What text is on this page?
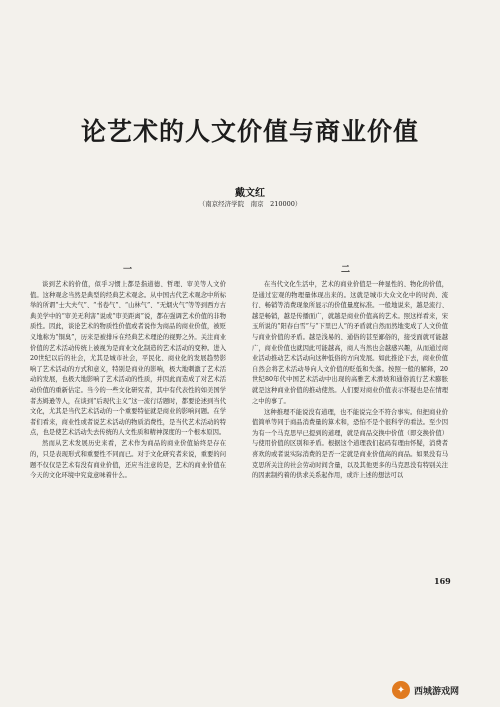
论艺术的人文价值与商业价值
戴文红
（南京经济学院　南京　210000）
一	二

谈到艺术的价值，似乎习惯上都是指道德、哲理、审美等人文价值。这种观念当然是典型的经典艺术观念。从中国古代艺术观念中所标举的所谓“士大夫气”、“书卷气”、“山林气”、“无烟火气”等等到西方古典美学中的“审美无利害”说或“审美距离”说，都在强调艺术价值的非物质性。因此，谈论艺术的物质性价值或者说作为商品的商业价值，被贬义地称为“铜臭”，历来是被排斥在经典艺术理论的视野之外。关注商业价值的艺术活动传统上被视为是商业文化制造的艺术活动的变种。进入20世纪以后的社会，尤其是城市社会，平民化、商业化的发展趋势影响了艺术活动的方式和意义，特别是商业的影响，极大地刺激了艺术活动的发展，也极大地影响了艺术活动的性质，并因此而造成了对艺术活动价值的重新估定。当今的一些文化研究者，其中有代表性的如美国学者杰姆逊等人，在谈到“后现代主义”这一流行话题时，都要论述到当代文化，尤其是当代艺术活动的一个重要特征就是商业的影响问题。在学者们看来，商业性或者说艺术活动的物质消费性，是当代艺术活动的特点，也是使艺术活动失去传统的人文性质和精神深度的一个根本原因。

然而从艺术发展历史来看，艺术作为商品的商业价值始终是存在的，只是表现形式和重要性不同而已。对于文化研究者来说，重要的问题不仅仅是艺术有没有商业价值，还应当注意的是，艺术的商业价值在今天的文化环境中究竟意味着什么。

在当代文化生活中，艺术的商业价值是一种显性的、物化的价值，是通过宏观的物理量体现出来的。这就是城市大众文化中的时尚、流行、畅销等消费现象所显示的价值量度标准。一般地说来，越是流行、越是畅销，越是传播面广，就越是商业价值高的艺术。照这样看来，宋玉所说的“阳春白雪”与“下里巴人”的矛盾就自然而然地变成了人文价值与商业价值的矛盾。越是浅易的、通俗的甚至鄙俗的，接受面就可能越广，商业价值也就因此可能越高，商人当然也会越感兴趣，从而通过商业活动推动艺术活动向这种低俗的方向发展。如此推论下去，商业价值自然会将艺术活动导向人文价值的贬低和失落。按照一般的解释，20世纪80年代中国艺术活动中出现的高雅艺术滑坡和通俗流行艺术膨胀就是这种商业价值的推动使然。人们要对商业价值表示怀疑也是在情理之中的事了。

这种推理不能说没有道理，也不能说完全不符合事实。但把商业价值简单等同于商品消费量的算术和，恐怕不是个很科学的看法。至少因为有一个马克思早已提到的道理，就是商品交换中价值（即交换价值）与使用价值的区别和矛盾。根据这个道理我们起码有理由怀疑，消费者喜欢的或者说实际消费的是否一定就是商业价值高的商品。如果没有马克思所关注的社会劳动时间含量，以及其他更多的马克思没有特别关注的因素制约着的供求关系起作用，或许上述的想法可以

169
✦ 西城游戏网
